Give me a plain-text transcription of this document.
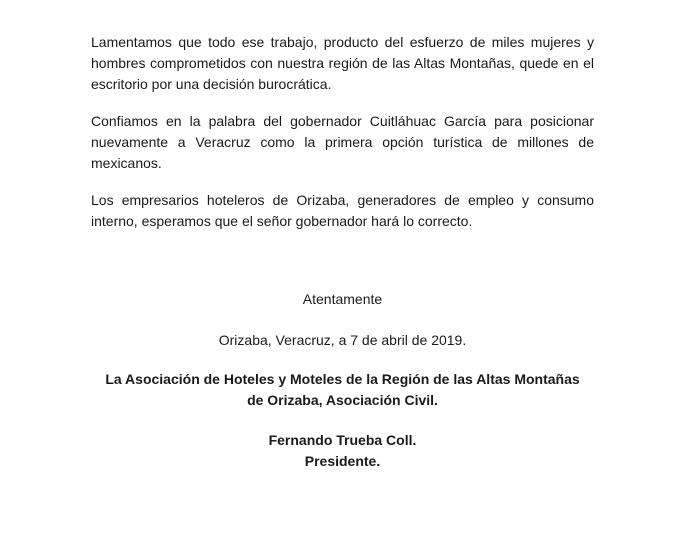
Lamentamos que todo ese trabajo, producto del esfuerzo de miles mujeres y hombres comprometidos con nuestra región de las Altas Montañas, quede en el escritorio por una decisión burocrática.

Confiamos en la palabra del gobernador Cuitláhuac García para posicionar nuevamente a Veracruz como la primera opción turística de millones de mexicanos.

Los empresarios hoteleros de Orizaba, generadores de empleo y consumo interno, esperamos que el señor gobernador hará lo correcto.

Atentamente

Orizaba, Veracruz, a 7 de abril de 2019.

La Asociación de Hoteles y Moteles de la Región de las Altas Montañas
de Orizaba, Asociación Civil.

Fernando Trueba Coll.

Presidente.
